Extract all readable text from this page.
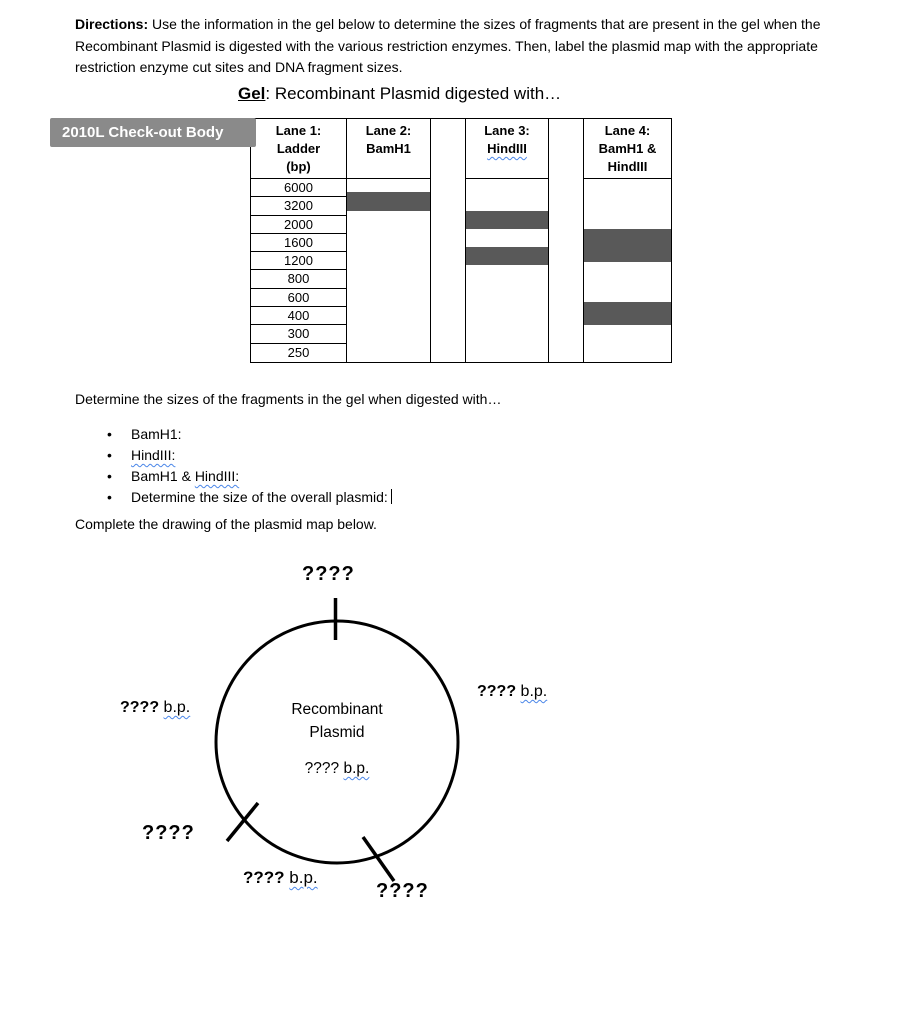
Directions: Use the information in the gel below to determine the sizes of fragments that are present in the gel when the Recombinant Plasmid is digested with the various restriction enzymes. Then, label the plasmid map with the appropriate restriction enzyme cut sites and DNA fragment sizes.

Gel: Recombinant Plasmid digested with…
2010L Check-out Body	Lane 1:
Ladder
(bp)
6000
3200
2000
1600
1200
800
600
400
300
250
Lane 2:
BamH1
Lane 3:
HindIII
Lane 4:
BamH1 &
HindIII

Determine the sizes of the fragments in the gel when digested with…

• BamH1:
• HindIII:
• BamH1 & HindIII:
• Determine the size of the overall plasmid:

Complete the drawing of the plasmid map below.

????
???? b.p.
???? b.p.
Recombinant
Plasmid
???? b.p.
????
???? b.p.
????
